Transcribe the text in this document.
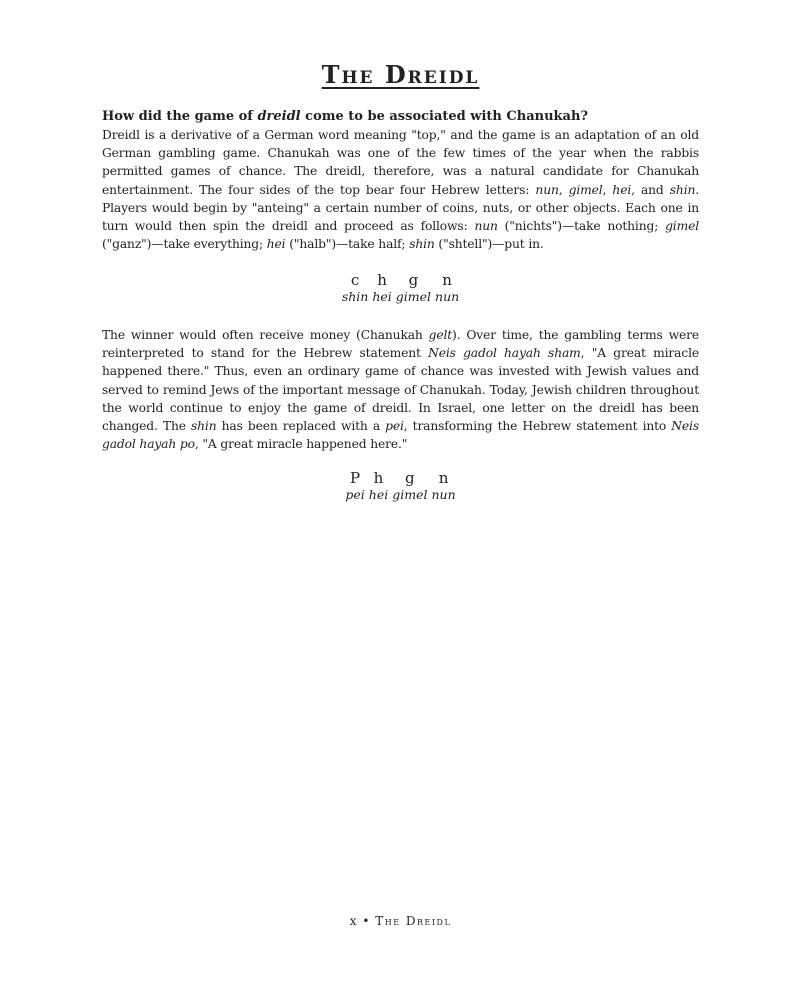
The Dreidl

How did the game of dreidl come to be associated with Chanukah?

Dreidl is a derivative of a German word meaning "top," and the game is an adaptation of an old German gambling game. Chanukah was one of the few times of the year when the rabbis permitted games of chance. The dreidl, therefore, was a natural candidate for Chanukah entertainment. The four sides of the top bear four Hebrew letters: nun, gimel, hei, and shin. Players would begin by "anteing" a certain number of coins, nuts, or other objects. Each one in turn would then spin the dreidl and proceed as follows: nun ("nichts")—take nothing; gimel ("ganz")—take everything; hei ("halb")—take half; shin ("shtell")—put in.

c
shin
h
hei
g
gimel
n
nun

The winner would often receive money (Chanukah gelt). Over time, the gambling terms were reinterpreted to stand for the Hebrew statement Neis gadol hayah sham, "A great miracle happened there." Thus, even an ordinary game of chance was invested with Jewish values and served to remind Jews of the important message of Chanukah. Today, Jewish children throughout the world continue to enjoy the game of dreidl. In Israel, one letter on the dreidl has been changed. The shin has been replaced with a pei, transforming the Hebrew statement into Neis gadol hayah po, "A great miracle happened here."

P
pei
h
hei
g
gimel
n
nun
x • The Dreidl
